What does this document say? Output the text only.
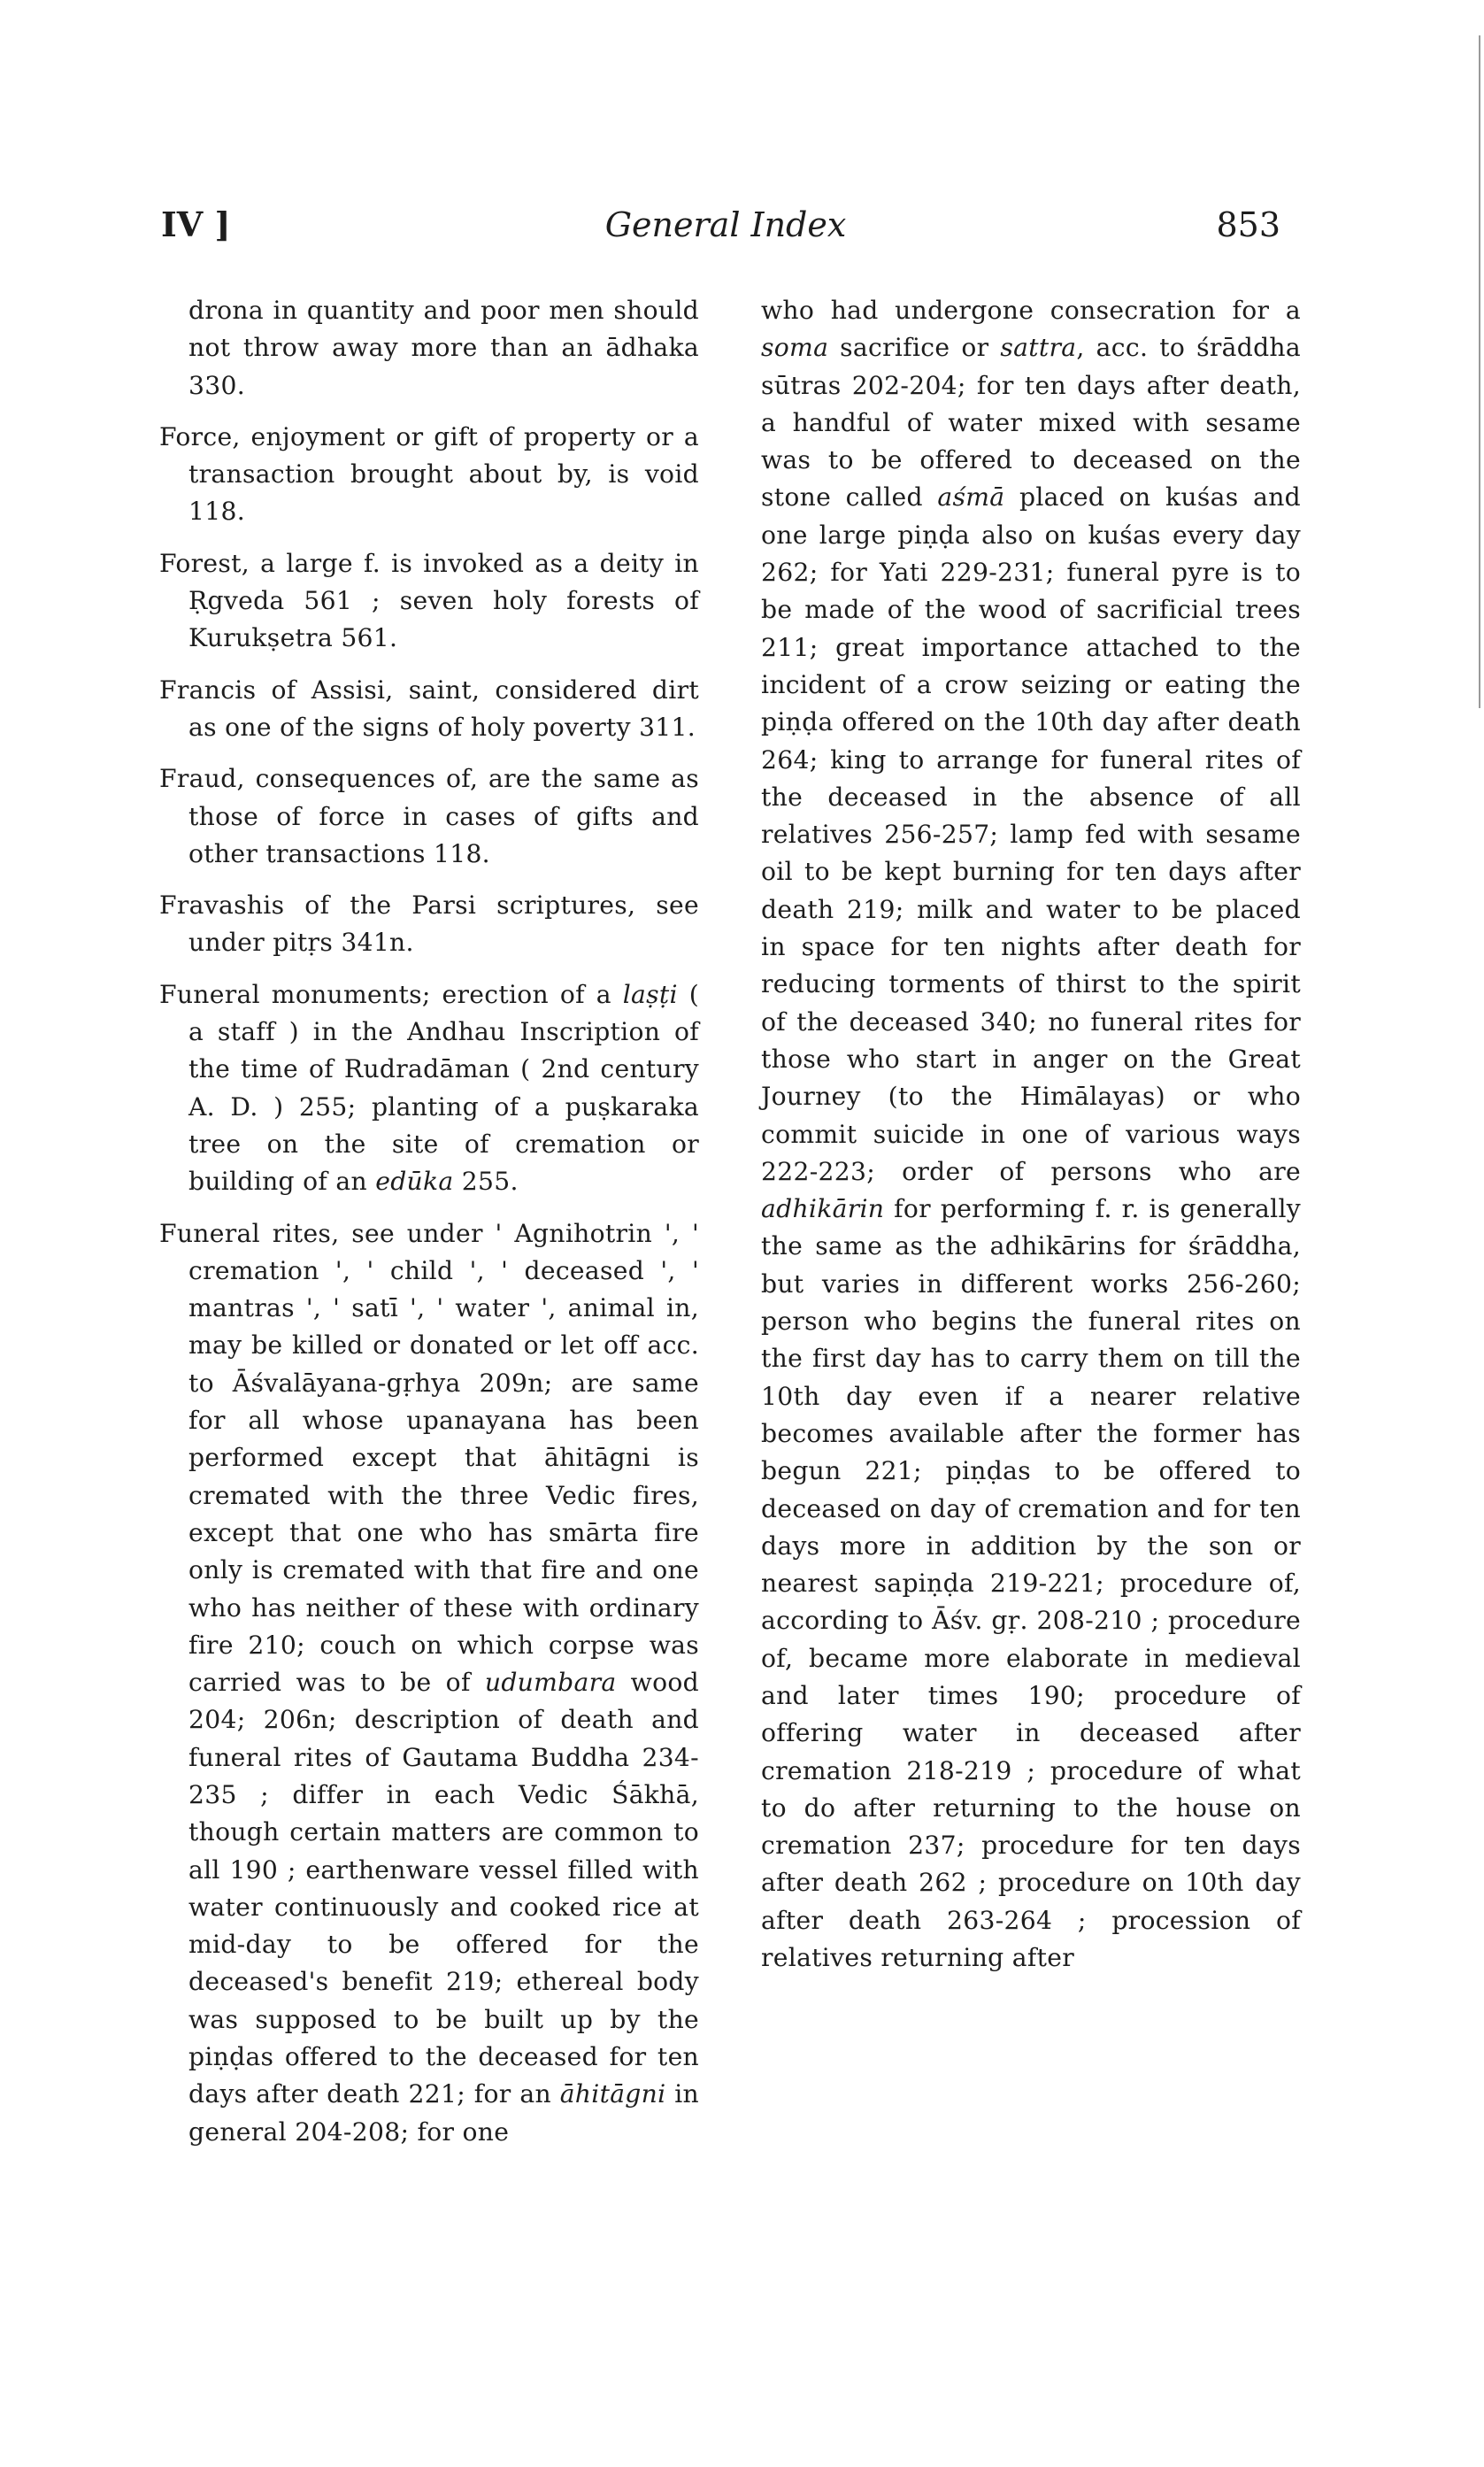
IV ]	General Index	853

drona in quantity and poor men should not throw away more than an ādhaka 330.

Force, enjoyment or gift of property or a transaction brought about by, is void 118.

Forest, a large f. is invoked as a deity in Ṛgveda 561 ; seven holy forests of Kurukṣetra 561.

Francis of Assisi, saint, considered dirt as one of the signs of holy poverty 311.

Fraud, consequences of, are the same as those of force in cases of gifts and other transactions 118.

Fravashis of the Parsi scriptures, see under pitṛs 341n.

Funeral monuments; erection of a laṣṭi ( a staff ) in the Andhau Inscription of the time of Rudradāman ( 2nd century A. D. ) 255; planting of a puṣkaraka tree on the site of cremation or building of an edūka 255.

Funeral rites, see under ' Agnihotrin ', ' cremation ', ' child ', ' deceased ', ' mantras ', ' satī ', ' water ', animal in, may be killed or donated or let off acc. to Āśvalāyana-gṛhya 209n; are same for all whose upanayana has been performed except that āhitāgni is cremated with the three Vedic fires, except that one who has smārta fire only is cremated with that fire and one who has neither of these with ordinary fire 210; couch on which corpse was carried was to be of udumbara wood 204; 206n; description of death and funeral rites of Gautama Buddha 234-235 ; differ in each Vedic Śākhā, though certain matters are common to all 190 ; earthenware vessel filled with water continuously and cooked rice at mid-day to be offered for the deceased's benefit 219; ethereal body was supposed to be built up by the piṇḍas offered to the deceased for ten days after death 221; for an āhitāgni in general 204-208; for one

who had undergone consecration for a soma sacrifice or sattra, acc. to śrāddha sūtras 202-204; for ten days after death, a handful of water mixed with sesame was to be offered to deceased on the stone called aśmā placed on kuśas and one large piṇḍa also on kuśas every day 262; for Yati 229-231; funeral pyre is to be made of the wood of sacrificial trees 211; great importance attached to the incident of a crow seizing or eating the piṇḍa offered on the 10th day after death 264; king to arrange for funeral rites of the deceased in the absence of all relatives 256-257; lamp fed with sesame oil to be kept burning for ten days after death 219; milk and water to be placed in space for ten nights after death for reducing torments of thirst to the spirit of the deceased 340; no funeral rites for those who start in anger on the Great Journey (to the Himālayas) or who commit suicide in one of various ways 222-223; order of persons who are adhikārin for performing f. r. is generally the same as the adhikārins for śrāddha, but varies in different works 256-260; person who begins the funeral rites on the first day has to carry them on till the 10th day even if a nearer relative becomes available after the former has begun 221; piṇḍas to be offered to deceased on day of cremation and for ten days more in addition by the son or nearest sapiṇḍa 219-221; procedure of, according to Āśv. gṛ. 208-210 ; procedure of, became more elaborate in medieval and later times 190; procedure of offering water in deceased after cremation 218-219 ; procedure of what to do after returning to the house on cremation 237; procedure for ten days after death 262 ; procedure on 10th day after death 263-264 ; procession of relatives returning after
